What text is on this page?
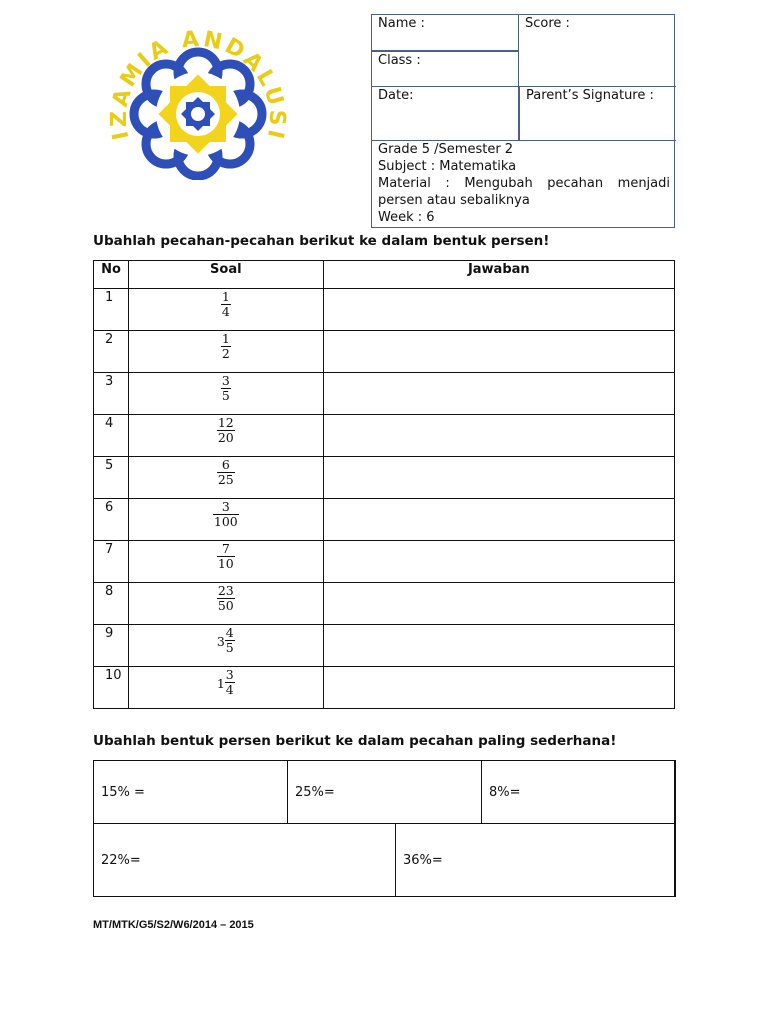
IZAMIA ANDALUSI
Name :
Class :
Score :
Date:	Parent’s Signature :
Grade 5 /Semester 2
Subject : Matematika
Material : Mengubah pecahan menjadi
persen atau sebaliknya
Week : 6
Ubahlah pecahan-pecahan berikut ke dalam bentuk persen!
No	Soal	Jawaban
1	$\frac{1}{4}$

2	$\frac{1}{2}$

3	$\frac{3}{5}$

4	$\frac{12}{20}$

5	$\frac{6}{25}$

6	$\frac{3}{100}$

7	$\frac{7}{10}$

8	$\frac{23}{50}$

9	$3 \frac{4}{5}$

10	$1 \frac{3}{4}$

Ubahlah bentuk persen berikut ke dalam pecahan paling sederhana!
15% =	25%=	8%=
22%=	36%=
MT/MTK/G5/S2/W6/2014 – 2015
